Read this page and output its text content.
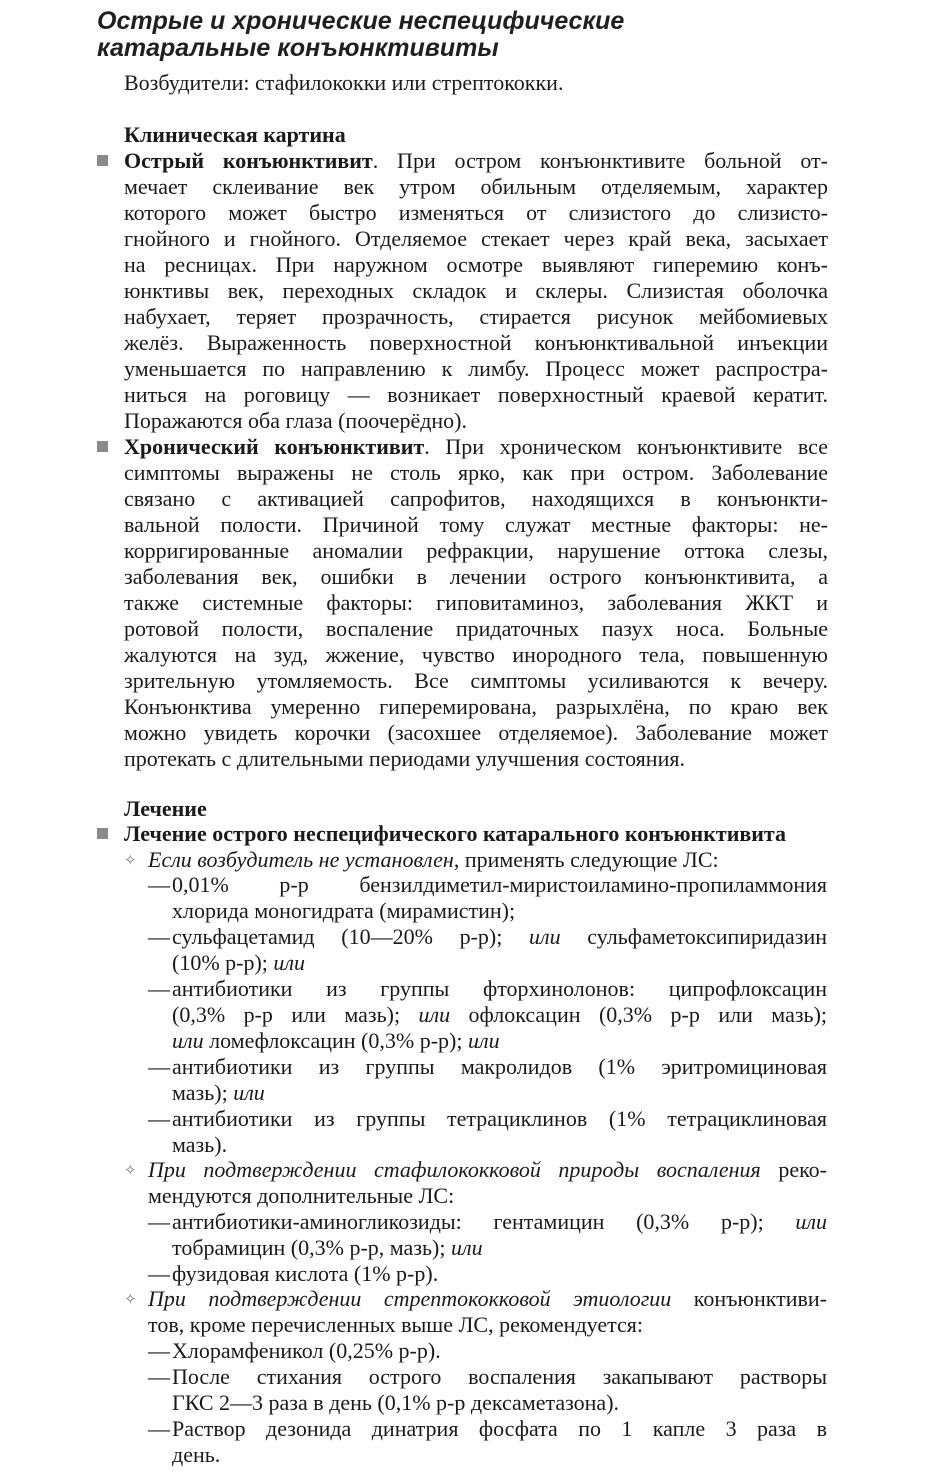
Острые и хронические неспецифические
катаральные конъюнктивиты
Возбудители: стафилококки или стрептококки.
Клиническая картина
Острый конъюнктивит. При остром конъюнктивите больной от-
мечает склеивание век утром обильным отделяемым, характер
которого может быстро изменяться от слизистого до слизисто-
гнойного и гнойного. Отделяемое стекает через край века, засыхает
на ресницах. При наружном осмотре выявляют гиперемию конъ-
юнктивы век, переходных складок и склеры. Слизистая оболочка
набухает, теряет прозрачность, стирается рисунок мейбомиевых
желёз. Выраженность поверхностной конъюнктивальной инъекции
уменьшается по направлению к лимбу. Процесс может распростра-
ниться на роговицу — возникает поверхностный краевой кератит.
Поражаются оба глаза (поочерёдно).
Хронический конъюнктивит. При хроническом конъюнктивите все
симптомы выражены не столь ярко, как при остром. Заболевание
связано с активацией сапрофитов, находящихся в конъюнкти-
вальной полости. Причиной тому служат местные факторы: не-
корригированные аномалии рефракции, нарушение оттока слезы,
заболевания век, ошибки в лечении острого конъюнктивита, а
также системные факторы: гиповитаминоз, заболевания ЖКТ и
ротовой полости, воспаление придаточных пазух носа. Больные
жалуются на зуд, жжение, чувство инородного тела, повышенную
зрительную утомляемость. Все симптомы усиливаются к вечеру.
Конъюнктива умеренно гиперемирована, разрыхлёна, по краю век
можно увидеть корочки (засохшее отделяемое). Заболевание может
протекать с длительными периодами улучшения состояния.
Лечение
Лечение острого неспецифического катарального конъюнктивита
✧ Если возбудитель не установлен, применять следующие ЛС:
— 0,01% р-р бензилдиметил-миристоиламино-пропиламмония
хлорида моногидрата (мирамистин);
— сульфацетамид (10—20% р-р); или сульфаметоксипиридазин
(10% р-р); или
— антибиотики из группы фторхинолонов: ципрофлоксацин
(0,3% р-р или мазь); или офлоксацин (0,3% р-р или мазь);
или ломефлоксацин (0,3% р-р); или
— антибиотики из группы макролидов (1% эритромициновая
мазь); или
— антибиотики из группы тетрациклинов (1% тетрациклиновая
мазь).
✧ При подтверждении стафилококковой природы воспаления реко-
мендуются дополнительные ЛС:
— антибиотики-аминогликозиды: гентамицин (0,3% р-р); или
тобрамицин (0,3% р-р, мазь); или
— фузидовая кислота (1% р-р).
✧ При подтверждении стрептококковой этиологии конъюнктиви-
тов, кроме перечисленных выше ЛС, рекомендуется:
— Хлорамфеникол (0,25% р-р).
— После стихания острого воспаления закапывают растворы
ГКС 2—3 раза в день (0,1% р-р дексаметазона).
— Раствор дезонида динатрия фосфата по 1 капле 3 раза в
день.
